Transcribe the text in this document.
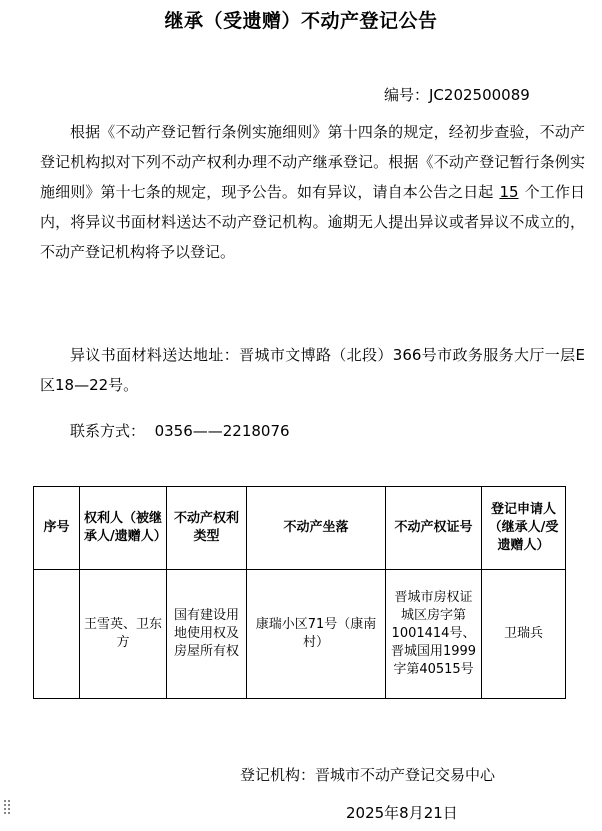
继承（受遗赠）不动产登记公告
编号：JC202500089
根据《不动产登记暂行条例实施细则》第十四条的规定，经初步查验，不动产登记机构拟对下列不动产权利办理不动产继承登记。根据《不动产登记暂行条例实施细则》第十七条的规定，现予公告。如有异议，请自本公告之日起 15 个工作日内，将异议书面材料送达不动产登记机构。逾期无人提出异议或者异议不成立的，不动产登记机构将予以登记。
异议书面材料送达地址：晋城市文博路（北段）366号市政务服务大厅一层E区18—22号。
联系方式： 0356——2218076
序号	权利人（被继承人/遗赠人）	不动产权利类型	不动产坐落	不动产权证号	登记申请人（继承人/受遗赠人）
	王雪英、卫东方	国有建设用地使用权及房屋所有权	康瑞小区71号（康南村）	晋城市房权证城区房字第1001414号、晋城国用1999字第40515号	卫瑞兵
登记机构：晋城市不动产登记交易中心
2025年8月21日
